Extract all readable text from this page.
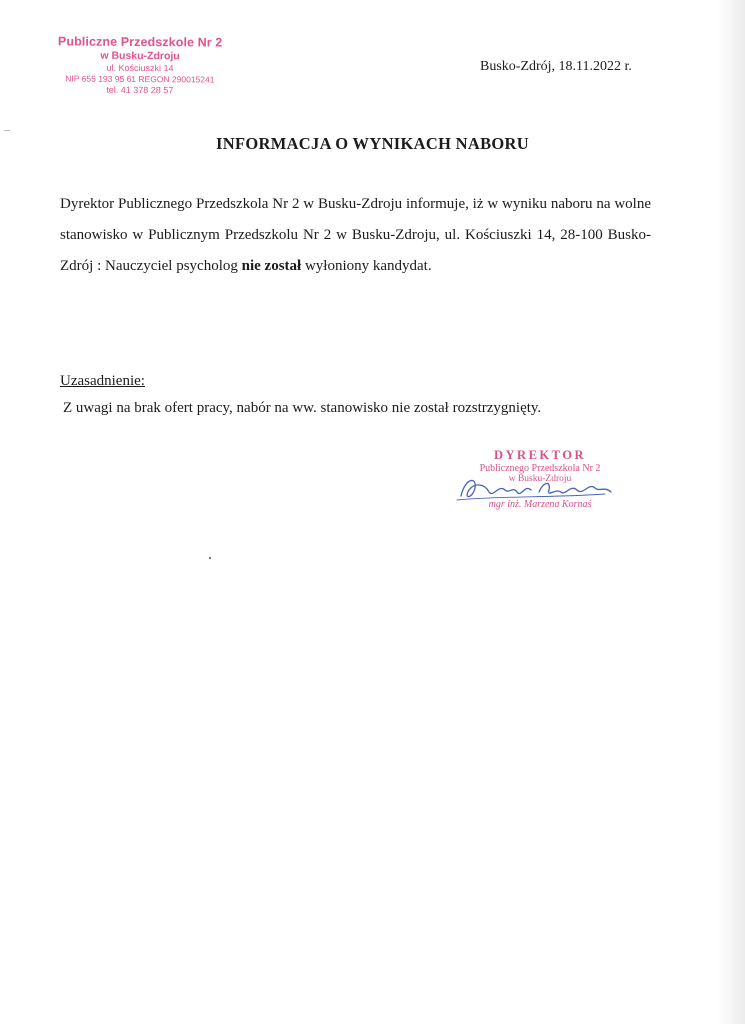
Publiczne Przedszkole Nr 2
w Busku-Zdroju
ul. Kościuszki 14
NIP 655 193 95 61 REGON 290015241
tel. 41 378 28 57
Busko-Zdrój, 18.11.2022 r.
INFORMACJA O WYNIKACH NABORU
Dyrektor Publicznego Przedszkola Nr 2 w Busku-Zdroju informuje, iż w wyniku naboru na wolne stanowisko w Publicznym Przedszkolu Nr 2 w Busku-Zdroju, ul. Kościuszki 14, 28-100 Busko-Zdrój : Nauczyciel psycholog nie został wyłoniony kandydat.
Uzasadnienie:
Z uwagi na brak ofert pracy, nabór na ww. stanowisko nie został rozstrzygnięty.
DYREKTOR
Publicznego Przedszkola Nr 2
w Busku-Zdroju
mgr inż. Marzena Kornaś
